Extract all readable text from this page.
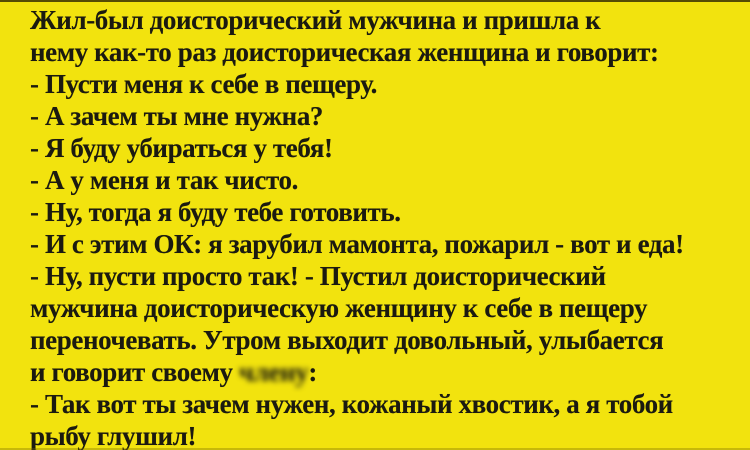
Жил-был доисторический мужчина и пришла к

нему как-то раз доисторическая женщина и говорит:

- Пусти меня к себе в пещеру.

- А зачем ты мне нужна?

- Я буду убираться у тебя!

- А у меня и так чисто.

- Ну, тогда я буду тебе готовить.

- И с этим ОК: я зарубил мамонта, пожарил - вот и еда!

- Ну, пусти просто так! - Пустил доисторический

мужчина доисторическую женщину к себе в пещеру

переночевать. Утром выходит довольный, улыбается

и говорит своему члену:

- Так вот ты зачем нужен, кожаный хвостик, а я тобой

рыбу глушил!
